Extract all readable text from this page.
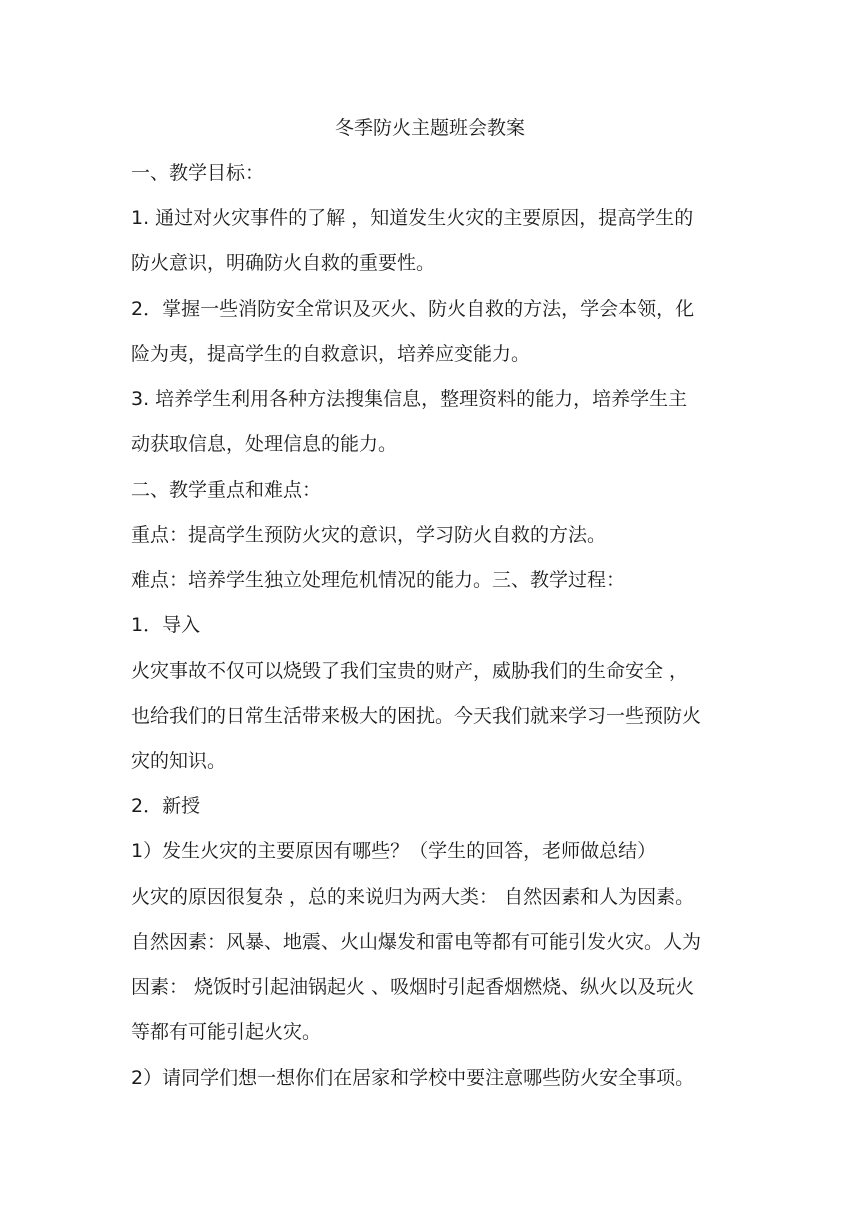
冬季防火主题班会教案
一、教学目标：
1. 通过对火灾事件的了解 ，知道发生火灾的主要原因，提高学生的
防火意识，明确防火自救的重要性。
2．掌握一些消防安全常识及灭火、防火自救的方法，学会本领，化
险为夷，提高学生的自救意识，培养应变能力。
3. 培养学生利用各种方法搜集信息，整理资料的能力，培养学生主
动获取信息，处理信息的能力。
二、教学重点和难点：
重点：提高学生预防火灾的意识，学习防火自救的方法。
难点：培养学生独立处理危机情况的能力。三、教学过程：
1．导入
火灾事故不仅可以烧毁了我们宝贵的财产，威胁我们的生命安全 ，
也给我们的日常生活带来极大的困扰。今天我们就来学习一些预防火
灾的知识。
2．新授
1）发生火灾的主要原因有哪些？（学生的回答，老师做总结）
火灾的原因很复杂 ，总的来说归为两大类： 自然因素和人为因素。
自然因素：风暴、地震、火山爆发和雷电等都有可能引发火灾。人为
因素： 烧饭时引起油锅起火 、吸烟时引起香烟燃烧、纵火以及玩火
等都有可能引起火灾。
2）请同学们想一想你们在居家和学校中要注意哪些防火安全事项。
